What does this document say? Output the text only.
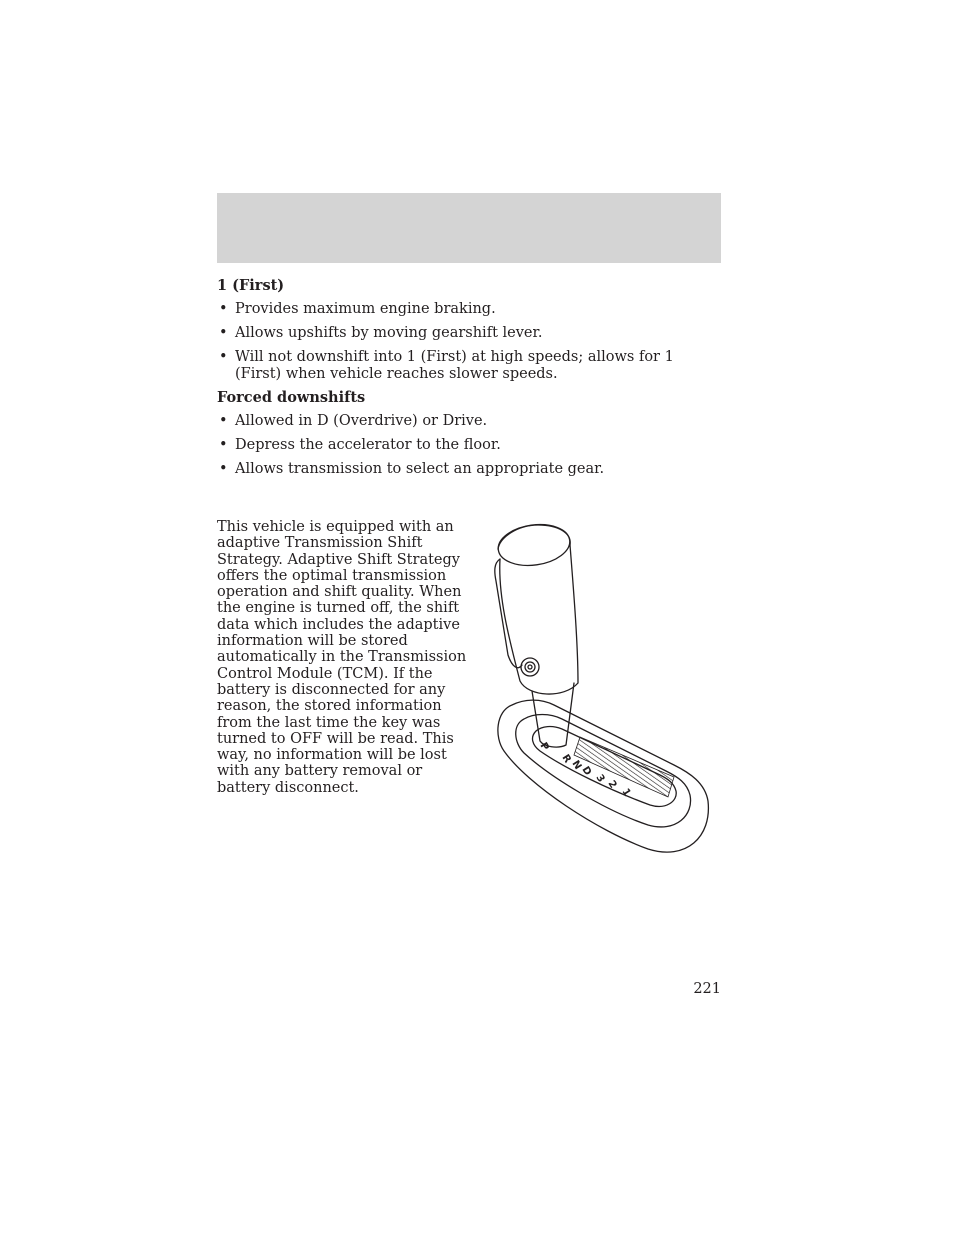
1 (First)
• Provides maximum engine braking.
• Allows upshifts by moving gearshift lever.
• Will not downshift into 1 (First) at high speeds; allows for 1 (First) when vehicle reaches slower speeds.
Forced downshifts
• Allowed in D (Overdrive) or Drive.
• Depress the accelerator to the floor.
• Allows transmission to select an appropriate gear.

This vehicle is equipped with an adaptive Transmission Shift Strategy. Adaptive Shift Strategy offers the optimal transmission operation and shift quality. When the engine is turned off, the shift data which includes the adaptive information will be stored automatically in the Transmission Control Module (TCM). If the battery is disconnected for any reason, the stored information from the last time the key was turned to OFF will be read. This way, no information will be lost with any battery removal or battery disconnect.

P
R
N
D
3
2
1
221
